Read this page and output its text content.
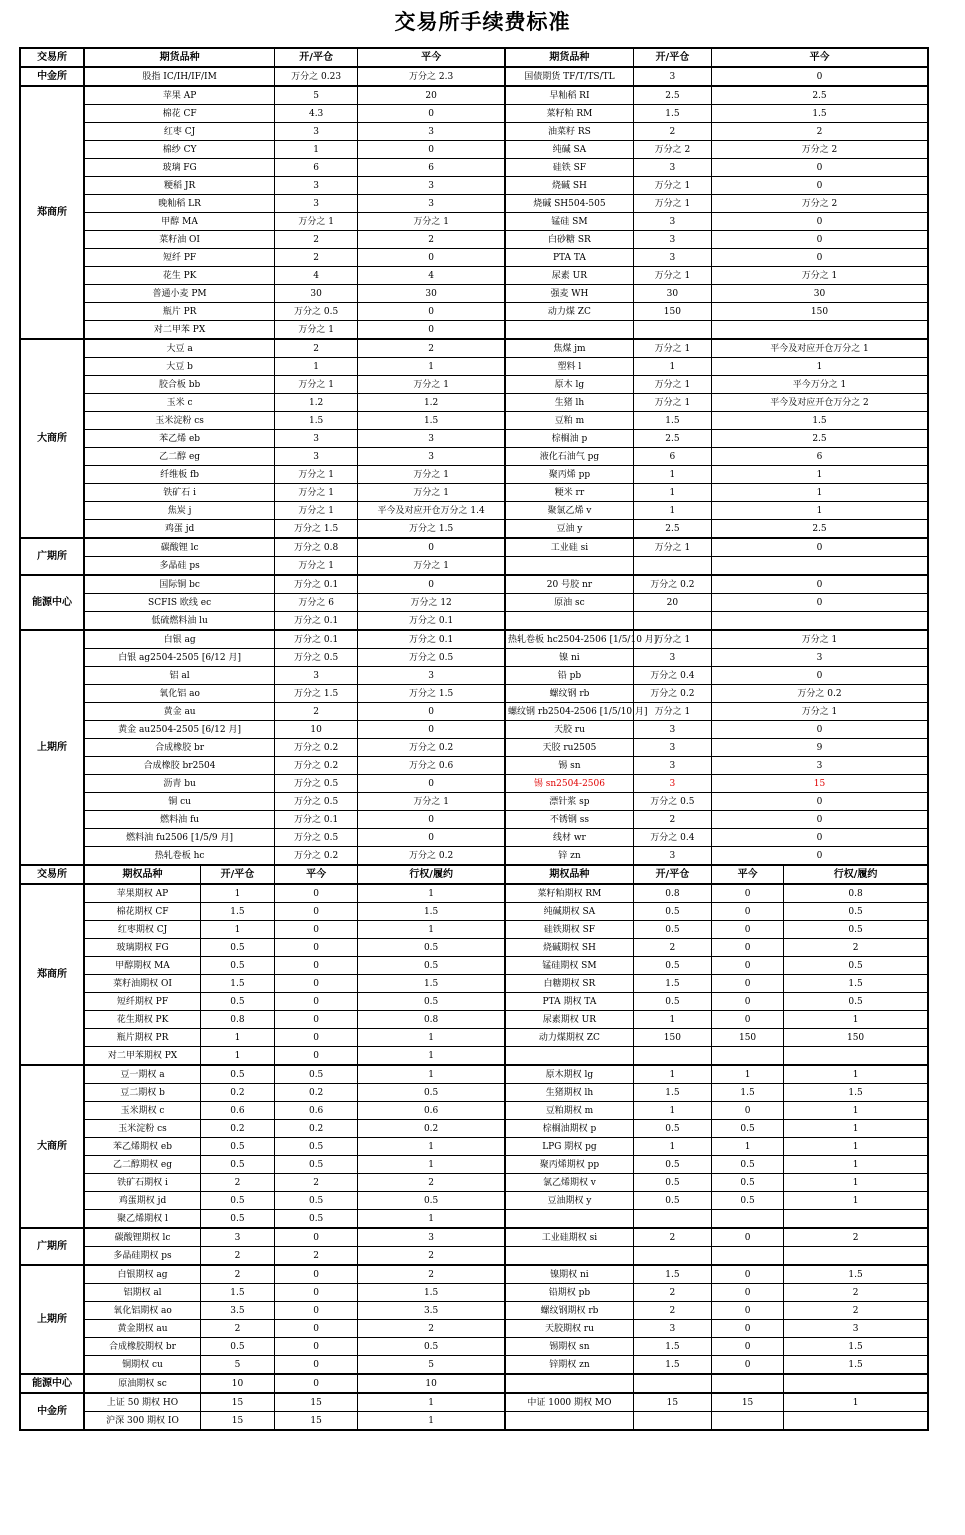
交易所手续费标准
交易所	期货品种		开/平仓	平今	期货品种	开/平仓	平今	
中金所	股指 IC/IH/IF/IM		万分之 0.23	万分之 2.3	国债期货 TF/T/TS/TL	3	0	
郑商所	苹果 AP		5	20	早籼稻 RI	2.5	2.5	
	棉花 CF		4.3	0	菜籽粕 RM	1.5	1.5	
	红枣 CJ		3	3	油菜籽 RS	2	2	
	棉纱 CY		1	0	纯碱 SA	万分之 2	万分之 2	
	玻璃 FG		6	6	硅铁 SF	3	0	
	粳稻 JR		3	3	烧碱 SH	万分之 1	0	
	晚籼稻 LR		3	3	烧碱 SH504-505	万分之 1	万分之 2	
	甲醇 MA		万分之 1	万分之 1	锰硅 SM	3	0	
	菜籽油 OI		2	2	白砂糖 SR	3	0	
	短纤 PF		2	0	PTA TA	3	0	
	花生 PK		4	4	尿素 UR	万分之 1	万分之 1	
	普通小麦 PM		30	30	强麦 WH	30	30	
	瓶片 PR		万分之 0.5	0	动力煤 ZC	150	150	
	对二甲苯 PX		万分之 1	0				
大商所	大豆 a		2	2	焦煤 jm	万分之 1	平今及对应开仓万分之 1	
	大豆 b		1	1	塑料 l	1	1	
	胶合板 bb		万分之 1	万分之 1	原木 lg	万分之 1	平今万分之 1	
	玉米 c		1.2	1.2	生猪 lh	万分之 1	平今及对应开仓万分之 2	
	玉米淀粉 cs		1.5	1.5	豆粕 m	1.5	1.5	
	苯乙烯 eb		3	3	棕榈油 p	2.5	2.5	
	乙二醇 eg		3	3	液化石油气 pg	6	6	
	纤维板 fb		万分之 1	万分之 1	聚丙烯 pp	1	1	
	铁矿石 i		万分之 1	万分之 1	粳米 rr	1	1	
	焦炭 j		万分之 1	平今及对应开仓万分之 1.4	聚氯乙烯 v	1	1	
	鸡蛋 jd		万分之 1.5	万分之 1.5	豆油 y	2.5	2.5	
广期所	碳酸锂 lc		万分之 0.8	0	工业硅 si	万分之 1	0	
	多晶硅 ps		万分之 1	万分之 1				
能源中心	国际铜 bc		万分之 0.1	0	20 号胶 nr	万分之 0.2	0	
	SCFIS 欧线 ec		万分之 6	万分之 12	原油 sc	20	0	
	低硫燃料油 lu		万分之 0.1	万分之 0.1				
上期所	白银 ag		万分之 0.1	万分之 0.1	热轧卷板 hc2504-2506 [1/5/10 月]	万分之 1	万分之 1	
	白银 ag2504-2505 [6/12 月]		万分之 0.5	万分之 0.5	镍 ni	3	3	
	铝 al		3	3	铅 pb	万分之 0.4	0	
	氧化铝 ao		万分之 1.5	万分之 1.5	螺纹钢 rb	万分之 0.2	万分之 0.2	
	黄金 au		2	0	螺纹钢 rb2504-2506 [1/5/10 月]	万分之 1	万分之 1	
	黄金 au2504-2505 [6/12 月]		10	0	天胶 ru	3	0	
	合成橡胶 br		万分之 0.2	万分之 0.2	天胶 ru2505	3	9	
	合成橡胶 br2504		万分之 0.2	万分之 0.6	锡 sn	3	3	
	沥青 bu		万分之 0.5	0	锡 sn2504-2506	3	15	
	铜 cu		万分之 0.5	万分之 1	漂针浆 sp	万分之 0.5	0	
	燃料油 fu		万分之 0.1	0	不锈钢 ss	2	0	
	燃料油 fu2506 [1/5/9 月]		万分之 0.5	0	线材 wr	万分之 0.4	0	
	热轧卷板 hc		万分之 0.2	万分之 0.2	锌 zn	3	0	
交易所	期权品种	开/平仓	平今	行权/履约	期权品种	开/平仓	平今	行权/履约
郑商所	苹果期权 AP	1	0	1	菜籽粕期权 RM	0.8	0	0.8
	棉花期权 CF	1.5	0	1.5	纯碱期权 SA	0.5	0	0.5
	红枣期权 CJ	1	0	1	硅铁期权 SF	0.5	0	0.5
	玻璃期权 FG	0.5	0	0.5	烧碱期权 SH	2	0	2
	甲醇期权 MA	0.5	0	0.5	锰硅期权 SM	0.5	0	0.5
	菜籽油期权 OI	1.5	0	1.5	白糖期权 SR	1.5	0	1.5
	短纤期权 PF	0.5	0	0.5	PTA 期权 TA	0.5	0	0.5
	花生期权 PK	0.8	0	0.8	尿素期权 UR	1	0	1
	瓶片期权 PR	1	0	1	动力煤期权 ZC	150	150	150
	对二甲苯期权 PX	1	0	1				
大商所	豆一期权 a	0.5	0.5	1	原木期权 lg	1	1	1
	豆二期权 b	0.2	0.2	0.5	生猪期权 lh	1.5	1.5	1.5
	玉米期权 c	0.6	0.6	0.6	豆粕期权 m	1	0	1
	玉米淀粉 cs	0.2	0.2	0.2	棕榈油期权 p	0.5	0.5	1
	苯乙烯期权 eb	0.5	0.5	1	LPG 期权 pg	1	1	1
	乙二醇期权 eg	0.5	0.5	1	聚丙烯期权 pp	0.5	0.5	1
	铁矿石期权 i	2	2	2	氯乙烯期权 v	0.5	0.5	1
	鸡蛋期权 jd	0.5	0.5	0.5	豆油期权 y	0.5	0.5	1
	聚乙烯期权 l	0.5	0.5	1				
广期所	碳酸锂期权 lc	3	0	3	工业硅期权 si	2	0	2
	多晶硅期权 ps	2	2	2				
上期所	白银期权 ag	2	0	2	镍期权 ni	1.5	0	1.5
	铝期权 al	1.5	0	1.5	铅期权 pb	2	0	2
	氧化铝期权 ao	3.5	0	3.5	螺纹钢期权 rb	2	0	2
	黄金期权 au	2	0	2	天胶期权 ru	3	0	3
	合成橡胶期权 br	0.5	0	0.5	锡期权 sn	1.5	0	1.5
	铜期权 cu	5	0	5	锌期权 zn	1.5	0	1.5
能源中心	原油期权 sc	10	0	10				
中金所	上证 50 期权 HO	15	15	1	中证 1000 期权 MO	15	15	1
	沪深 300 期权 IO	15	15	1				
